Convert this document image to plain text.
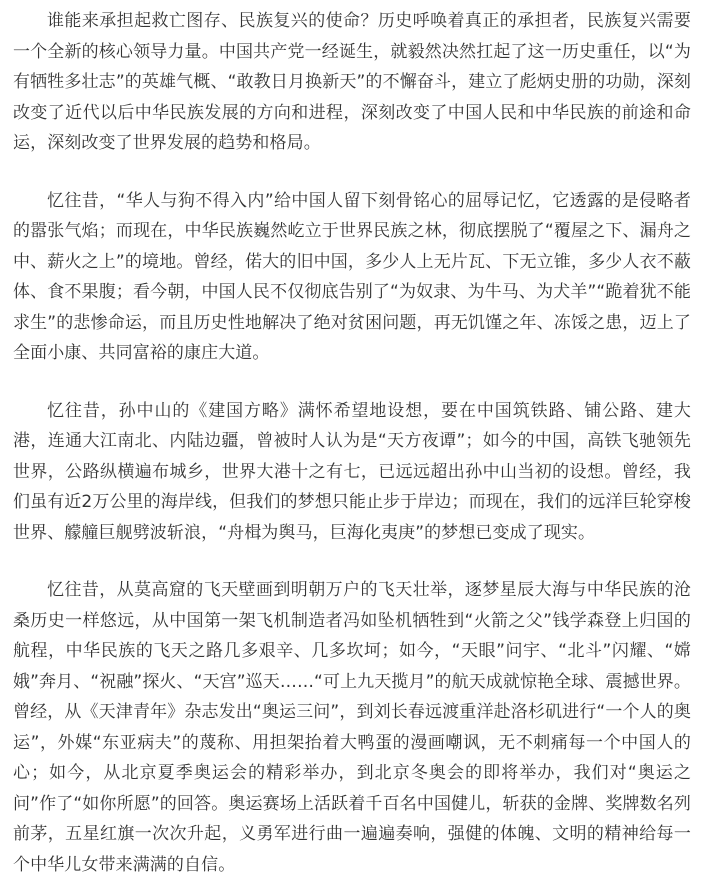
谁能来承担起救亡图存、民族复兴的使命？历史呼唤着真正的承担者，民族复兴需要一个全新的核心领导力量。中国共产党一经诞生，就毅然决然扛起了这一历史重任，以“为有牺牲多壮志”的英雄气概、“敢教日月换新天”的不懈奋斗，建立了彪炳史册的功勋，深刻改变了近代以后中华民族发展的方向和进程，深刻改变了中国人民和中华民族的前途和命运，深刻改变了世界发展的趋势和格局。

忆往昔，“华人与狗不得入内”给中国人留下刻骨铭心的屈辱记忆，它透露的是侵略者的嚣张气焰；而现在，中华民族巍然屹立于世界民族之林，彻底摆脱了“覆屋之下、漏舟之中、薪火之上”的境地。曾经，偌大的旧中国，多少人上无片瓦、下无立锥，多少人衣不蔽体、食不果腹；看今朝，中国人民不仅彻底告别了“为奴隶、为牛马、为犬羊”“跪着犹不能求生”的悲惨命运，而且历史性地解决了绝对贫困问题，再无饥馑之年、冻馁之患，迈上了全面小康、共同富裕的康庄大道。

忆往昔，孙中山的《建国方略》满怀希望地设想，要在中国筑铁路、铺公路、建大港，连通大江南北、内陆边疆，曾被时人认为是“天方夜谭”；如今的中国，高铁飞驰领先世界，公路纵横遍布城乡，世界大港十之有七，已远远超出孙中山当初的设想。曾经，我们虽有近2万公里的海岸线，但我们的梦想只能止步于岸边；而现在，我们的远洋巨轮穿梭世界、艨艟巨舰劈波斩浪，“舟楫为舆马，巨海化夷庚”的梦想已变成了现实。

忆往昔，从莫高窟的飞天壁画到明朝万户的飞天壮举，逐梦星辰大海与中华民族的沧桑历史一样悠远，从中国第一架飞机制造者冯如坠机牺牲到“火箭之父”钱学森登上归国的航程，中华民族的飞天之路几多艰辛、几多坎坷；如今，“天眼”问宇、“北斗”闪耀、“嫦娥”奔月、“祝融”探火、“天宫”巡天……“可上九天揽月”的航天成就惊艳全球、震撼世界。曾经，从《天津青年》杂志发出“奥运三问”，到刘长春远渡重洋赴洛杉矶进行“一个人的奥运”，外媒“东亚病夫”的蔑称、用担架抬着大鸭蛋的漫画嘲讽，无不刺痛每一个中国人的心；如今，从北京夏季奥运会的精彩举办，到北京冬奥会的即将举办，我们对“奥运之问”作了“如你所愿”的回答。奥运赛场上活跃着千百名中国健儿，斩获的金牌、奖牌数名列前茅，五星红旗一次次升起，义勇军进行曲一遍遍奏响，强健的体魄、文明的精神给每一个中华儿女带来满满的自信。
